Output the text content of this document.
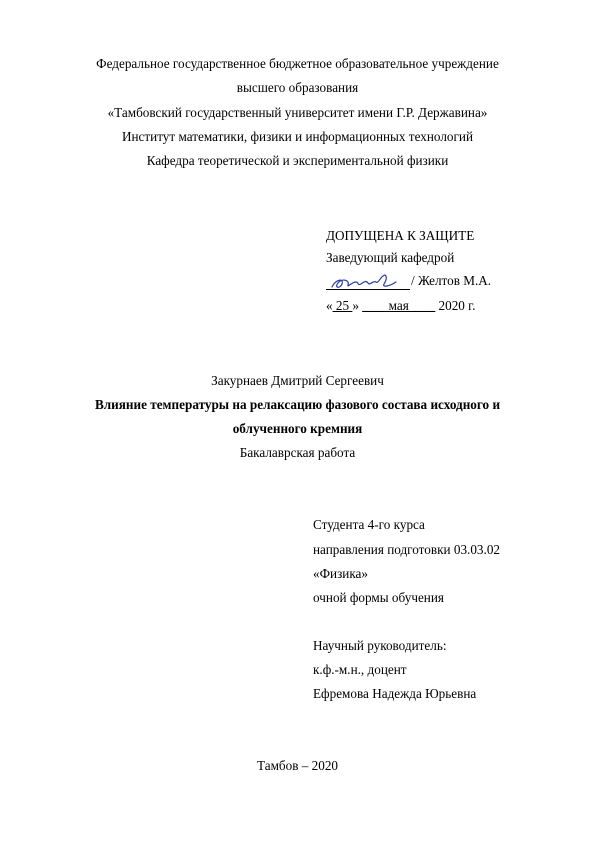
Федеральное государственное бюджетное образовательное учреждение
высшего образования
«Тамбовский государственный университет имени Г.Р. Державина»
Институт математики, физики и информационных технологий
Кафедра теоретической и экспериментальной физики
ДОПУЩЕНА К ЗАЩИТЕ
Заведующий кафедрой
/ Желтов М.А.
« 25 » ____мая____ 2020 г.
Закурнаев Дмитрий Сергеевич
Влияние температуры на релаксацию фазового состава исходного и
облученного кремния
Бакалаврская работа
Студента 4-го курса
направления подготовки 03.03.02
«Физика»
очной формы обучения
Научный руководитель:
к.ф.-м.н., доцент
Ефремова Надежда Юрьевна
Тамбов – 2020
